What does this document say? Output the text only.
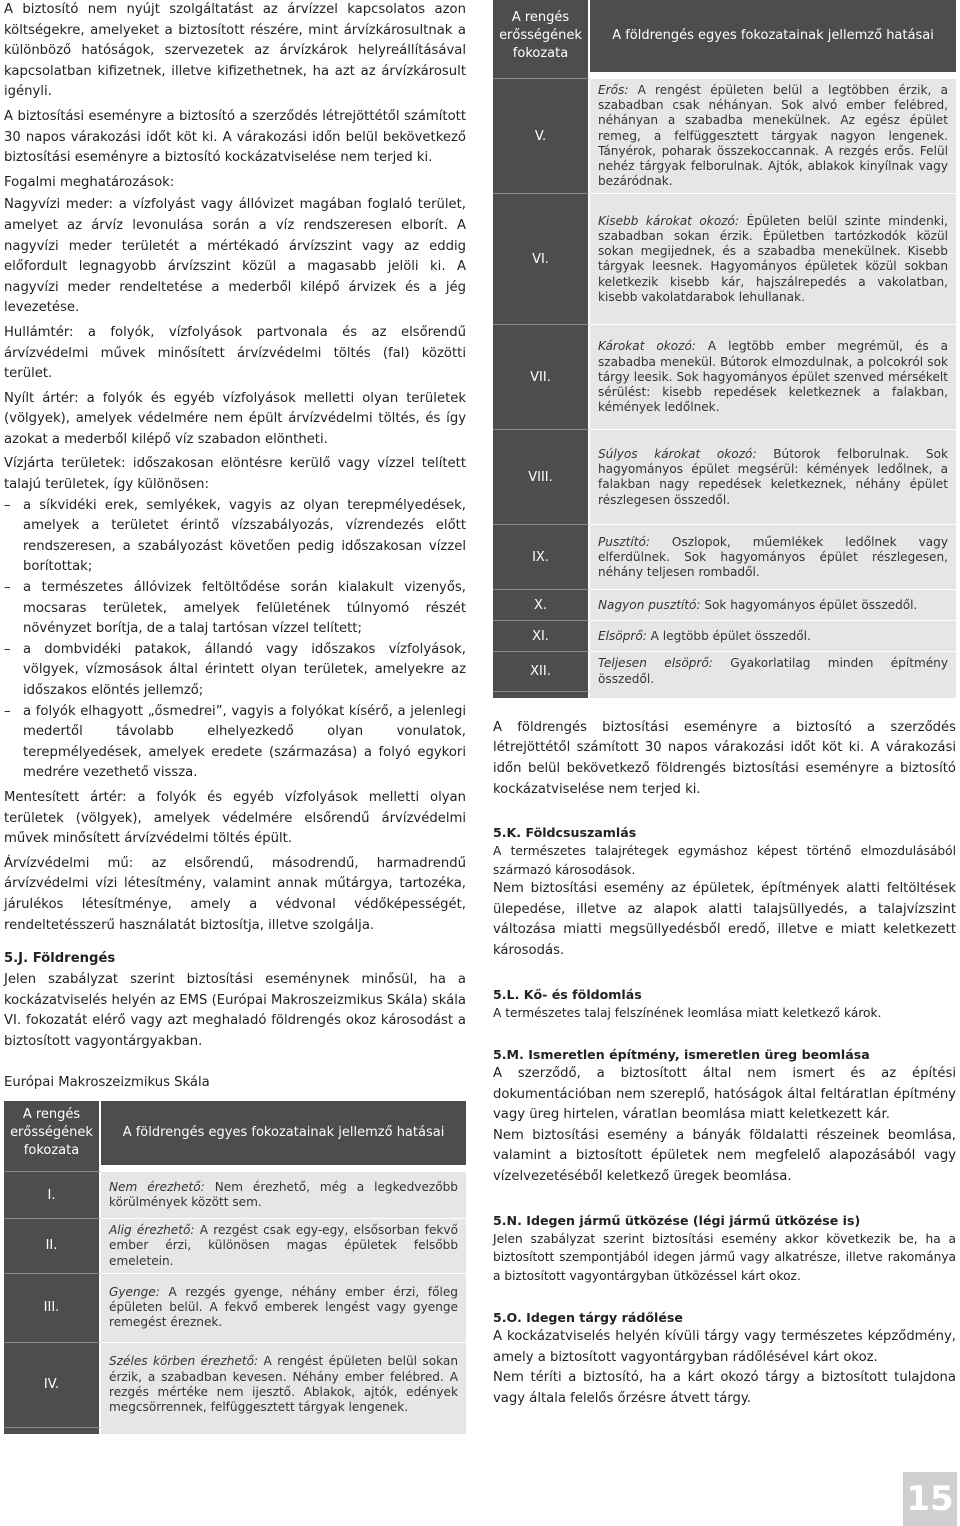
A biztosító nem nyújt szolgáltatást az árvízzel kapcsolatos azon költségekre, amelyeket a biztosított részére, mint árvízkárosultnak a különböző hatóságok, szervezetek az árvízkárok helyreállításával kapcsolatban kifizetnek, illetve kifizethetnek, ha azt az árvízkárosult igényli.

A biztosítási eseményre a biztosító a szerződés létrejöttétől számított 30 napos várakozási időt köt ki. A várakozási időn belül bekövetkező biztosítási eseményre a biztosító kockázatviselése nem terjed ki.

Fogalmi meghatározások:

Nagyvízi meder: a vízfolyást vagy állóvizet magában foglaló terület, amelyet az árvíz levonulása során a víz rendszeresen elborít. A nagyvízi meder területét a mértékadó árvízszint vagy az eddig előfordult legnagyobb árvízszint közül a magasabb jelöli ki. A nagyvízi meder rendeltetése a mederből kilépő árvizek és a jég levezetése.

Hullámtér: a folyók, vízfolyások partvonala és az elsőrendű árvízvédelmi művek minősített árvízvédelmi töltés (fal) közötti terület.

Nyílt ártér: a folyók és egyéb vízfolyások melletti olyan területek (völgyek), amelyek védelmére nem épült árvízvédelmi töltés, és így azokat a mederből kilépő víz szabadon elöntheti.

Vízjárta területek: időszakosan elöntésre kerülő vagy vízzel telített talajú területek, így különösen:

– a síkvidéki erek, semlyékek, vagyis az olyan terepmélyedések, amelyek a területet érintő vízszabályozás, vízrendezés előtt rendszeresen, a szabályozást követően pedig időszakosan vízzel borítottak;
– a természetes állóvizek feltöltődése során kialakult vizenyős, mocsaras területek, amelyek felületének túlnyomó részét növényzet borítja, de a talaj tartósan vízzel telített;
– a dombvidéki patakok, állandó vagy időszakos vízfolyások, völgyek, vízmosások által érintett olyan területek, amelyekre az időszakos elöntés jellemző;
– a folyók elhagyott „ősmedrei”, vagyis a folyókat kísérő, a jelenlegi medertől távolabb elhelyezkedő olyan vonulatok, terepmélyedések, amelyek eredete (származása) a folyó egykori medrére vezethető vissza.

Mentesített ártér: a folyók és egyéb vízfolyások melletti olyan területek (völgyek), amelyek védelmére elsőrendű árvízvédelmi művek minősített árvízvédelmi töltés épült.

Árvízvédelmi mű: az elsőrendű, másodrendű, harmadrendű árvízvédelmi vízi létesítmény, valamint annak műtárgya, tartozéka, járulékos létesítménye, amely a védvonal védőképességét, rendeltetésszerű használatát biztosítja, illetve szolgálja.

5.J. Földrengés

Jelen szabályzat szerint biztosítási eseménynek minősül, ha a kockázatviselés helyén az EMS (Európai Makroszeizmikus Skála) skála VI. fokozatát elérő vagy azt meghaladó földrengés okoz károsodást a biztosított vagyontárgyakban.

Európai Makroszeizmikus Skála

A rengés erősségének fokozata	A földrengés egyes fokozatainak jellemző hatásai

I.	Nem érezhető: Nem érezhető, még a legkedvezőbb körülmények között sem.
II.	Alig érezhető: A rezgést csak egy-egy, elsősorban fekvő ember érzi, különösen magas épületek felsőbb emeletein.
III.	Gyenge: A rezgés gyenge, néhány ember érzi, főleg épületen belül. A fekvő emberek lengést vagy gyenge remegést éreznek.
IV.	Széles körben érezhető: A rengést épületen belül sokan érzik, a szabadban kevesen. Néhány ember felébred. A rezgés mértéke nem ijesztő. Ablakok, ajtók, edények megcsörrennek, felfüggesztett tárgyak lengenek.

A rengés erősségének fokozata	A földrengés egyes fokozatainak jellemző hatásai

V.	Erős: A rengést épületen belül a legtöbben érzik, a szabadban csak néhányan. Sok alvó ember felébred, néhányan a szabadba menekülnek. Az egész épület remeg, a felfüggesztett tárgyak nagyon lengenek. Tányérok, poharak összekoccannak. A rezgés erős. Felül nehéz tárgyak felborulnak. Ajtók, ablakok kinyílnak vagy bezáródnak.
VI.	Kisebb károkat okozó: Épületen belül szinte mindenki, szabadban sokan érzik. Épületben tartózkodók közül sokan megijednek, és a szabadba menekülnek. Kisebb tárgyak leesnek. Hagyományos épületek közül sokban keletkezik kisebb kár, hajszálrepedés a vakolatban, kisebb vakolatdarabok lehullanak.
VII.	Károkat okozó: A legtöbb ember megrémül, és a szabadba menekül. Bútorok elmozdulnak, a polcokról sok tárgy leesik. Sok hagyományos épület szenved mérsékelt sérülést: kisebb repedések keletkeznek a falakban, kémények ledőlnek.
VIII.	Súlyos károkat okozó: Bútorok felborulnak. Sok hagyományos épület megsérül: kémények ledőlnek, a falakban nagy repedések keletkeznek, néhány épület részlegesen összedől.
IX.	Pusztító: Oszlopok, műemlékek ledőlnek vagy elferdülnek. Sok hagyományos épület részlegesen, néhány teljesen rombadől.
X.	Nagyon pusztító: Sok hagyományos épület összedől.
XI.	Elsöprő: A legtöbb épület összedől.
XII.	Teljesen elsöprő: Gyakorlatilag minden építmény összedől.

A földrengés biztosítási eseményre a biztosító a szerződés létrejöttétől számított 30 napos várakozási időt köt ki. A várakozási időn belül bekövetkező földrengés biztosítási eseményre a biztosító kockázatviselése nem terjed ki.

5.K. Földcsuszamlás

A természetes talajrétegek egymáshoz képest történő elmozdulásából származó károsodások.

Nem biztosítási esemény az épületek, építmények alatti feltöltések ülepedése, illetve az alapok alatti talajsüllyedés, a talajvízszint változása miatti megsüllyedésből eredő, illetve e miatt keletkezett károsodás.

5.L. Kő- és földomlás

A természetes talaj felszínének leomlása miatt keletkező károk.

5.M. Ismeretlen építmény, ismeretlen üreg beomlása

A szerződő, a biztosított által nem ismert és az építési dokumentációban nem szereplő, hatóságok által feltáratlan építmény vagy üreg hirtelen, váratlan beomlása miatt keletkezett kár.

Nem biztosítási esemény a bányák földalatti részeinek beomlása, valamint a biztosított épületek nem megfelelő alapozásából vagy vízelvezetéséből keletkező üregek beomlása.

5.N. Idegen jármű ütközése (légi jármű ütközése is)

Jelen szabályzat szerint biztosítási esemény akkor következik be, ha a biztosított szempontjából idegen jármű vagy alkatrésze, illetve rakománya a biztosított vagyontárgyban ütközéssel kárt okoz.

5.O. Idegen tárgy rádőlése

A kockázatviselés helyén kívüli tárgy vagy természetes képződmény, amely a biztosított vagyontárgyban rádőlésével kárt okoz.

Nem téríti a biztosító, ha a kárt okozó tárgy a biztosított tulajdona vagy általa felelős őrzésre átvett tárgy.

15
